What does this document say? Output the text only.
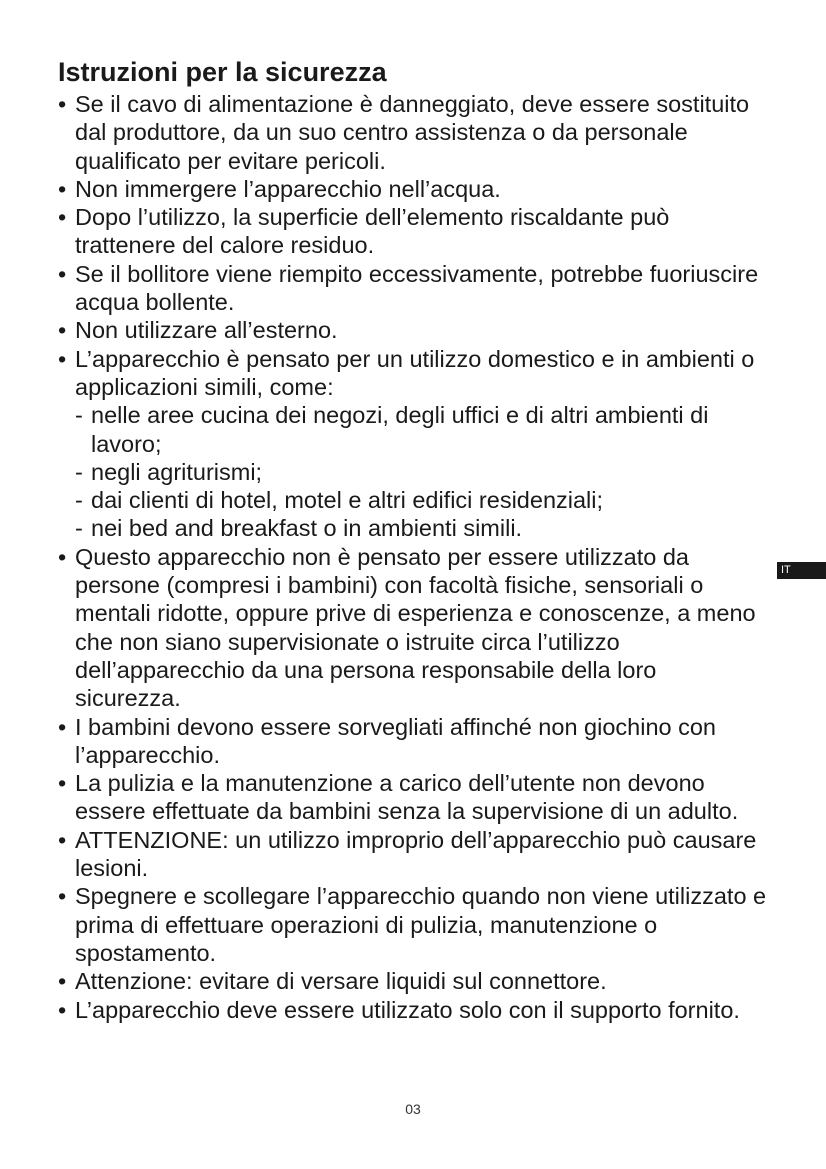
Istruzioni per la sicurezza
• Se il cavo di alimentazione è danneggiato, deve essere sostituito dal produttore, da un suo centro assistenza o da personale qualificato per evitare pericoli.
• Non immergere l’apparecchio nell’acqua.
• Dopo l’utilizzo, la superficie dell’elemento riscaldante può trattenere del calore residuo.
• Se il bollitore viene riempito eccessivamente, potrebbe fuoriuscire acqua bollente.
• Non utilizzare all’esterno.
• L’apparecchio è pensato per un utilizzo domestico e in ambienti o applicazioni simili, come:
- nelle aree cucina dei negozi, degli uffici e di altri ambienti di lavoro;
- negli agriturismi;
- dai clienti di hotel, motel e altri edifici residenziali;
- nei bed and breakfast o in ambienti simili.
• Questo apparecchio non è pensato per essere utilizzato da persone (compresi i bambini) con facoltà fisiche, sensoriali o mentali ridotte, oppure prive di esperienza e conoscenze, a meno che non siano supervisionate o istruite circa l’utilizzo dell’apparecchio da una persona responsabile della loro sicurezza.
• I bambini devono essere sorvegliati affinché non giochino con l’apparecchio.
• La pulizia e la manutenzione a carico dell’utente non devono essere effettuate da bambini senza la supervisione di un adulto.
• ATTENZIONE: un utilizzo improprio dell’apparecchio può causare lesioni.
• Spegnere e scollegare l’apparecchio quando non viene utilizzato e prima di effettuare operazioni di pulizia, manutenzione o spostamento.
• Attenzione: evitare di versare liquidi sul connettore.
• L’apparecchio deve essere utilizzato solo con il supporto fornito.
IT
03
